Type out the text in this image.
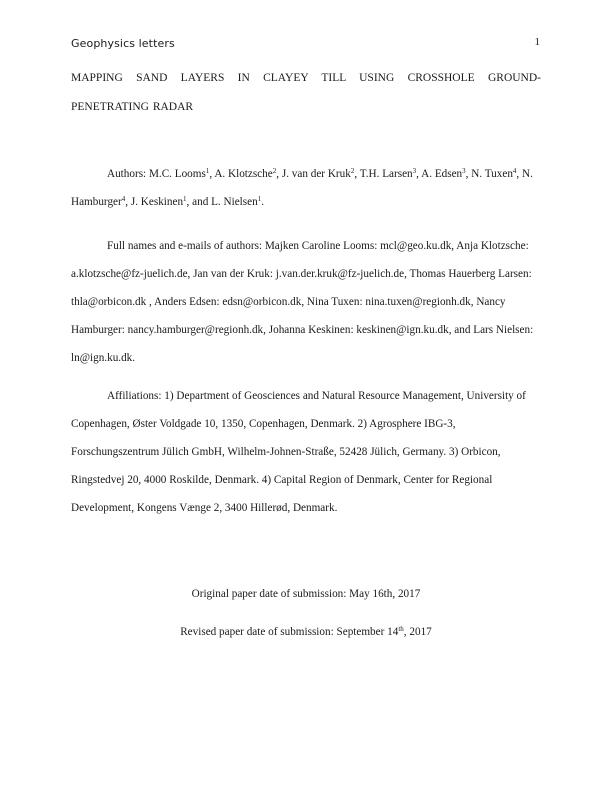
Geophysics letters	1
MAPPING SAND LAYERS IN CLAYEY TILL USING CROSSHOLE GROUND-PENETRATING RADAR
Authors: M.C. Looms$^1$, A. Klotzsche$^2$, J. van der Kruk$^2$, T.H. Larsen$^3$, A. Edsen$^3$, N. Tuxen$^4$, N. Hamburger$^4$, J. Keskinen$^1$, and L. Nielsen$^1$.
Full names and e-mails of authors: Majken Caroline Looms: mcl@geo.ku.dk, Anja Klotzsche: a.klotzsche@fz-juelich.de, Jan van der Kruk: j.van.der.kruk@fz-juelich.de, Thomas Hauerberg Larsen: thla@orbicon.dk , Anders Edsen: edsn@orbicon.dk, Nina Tuxen: nina.tuxen@regionh.dk, Nancy Hamburger: nancy.hamburger@regionh.dk, Johanna Keskinen: keskinen@ign.ku.dk, and Lars Nielsen: ln@ign.ku.dk.
Affiliations: 1) Department of Geosciences and Natural Resource Management, University of Copenhagen, Øster Voldgade 10, 1350, Copenhagen, Denmark. 2) Agrosphere IBG-3, Forschungszentrum Jülich GmbH, Wilhelm-Johnen-Straße, 52428 Jülich, Germany. 3) Orbicon, Ringstedvej 20, 4000 Roskilde, Denmark. 4) Capital Region of Denmark, Center for Regional Development, Kongens Vænge 2, 3400 Hillerød, Denmark.
Original paper date of submission: May 16th, 2017
Revised paper date of submission: September 14th, 2017
